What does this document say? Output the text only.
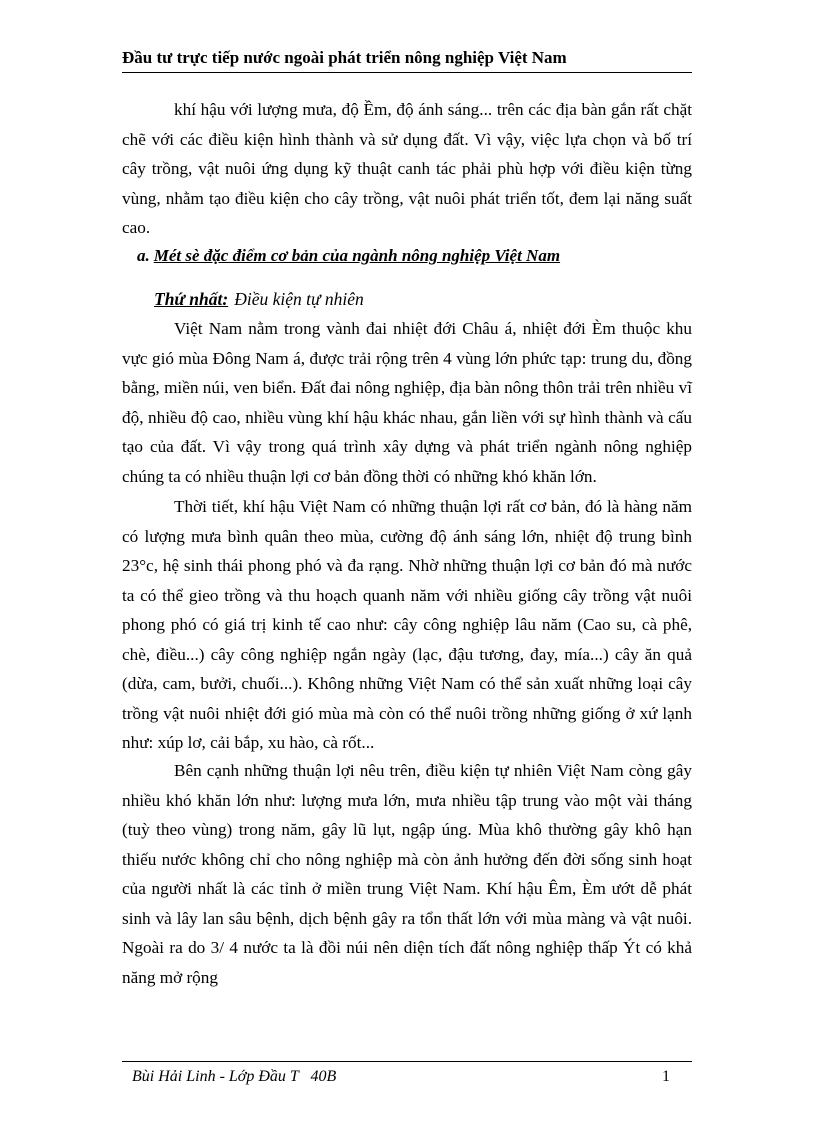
Đầu tư trực tiếp nước ngoài phát triển nông nghiệp Việt Nam

khí hậu với lượng mưa, độ Ềm, độ ánh sáng... trên các địa bàn gắn rất chặt chẽ với các điều kiện hình thành và sử dụng đất. Vì vậy, việc lựa chọn và bố trí cây trồng, vật nuôi ứng dụng kỹ thuật canh tác phải phù hợp với điều kiện từng vùng, nhằm tạo điều kiện cho cây trồng, vật nuôi phát triển tốt, đem lại năng suất cao.

a. Mét sè đặc điểm cơ bản của ngành nông nghiệp Việt Nam
Thứ nhất: Điều kiện tự nhiên

Việt Nam nằm trong vành đai nhiệt đới Châu á, nhiệt đới Èm thuộc khu vực gió mùa Đông Nam á, được trải rộng trên 4 vùng lớn phức tạp: trung du, đồng bằng, miền núi, ven biển. Đất đai nông nghiệp, địa bàn nông thôn trải trên nhiều vĩ độ, nhiều độ cao, nhiều vùng khí hậu khác nhau, gắn liền với sự hình thành và cấu tạo của đất. Vì vậy trong quá trình xây dựng và phát triển ngành nông nghiệp chúng ta có nhiều thuận lợi cơ bản đồng thời có những khó khăn lớn.

Thời tiết, khí hậu Việt Nam có những thuận lợi rất cơ bản, đó là hàng năm có lượng mưa bình quân theo mùa, cường độ ánh sáng lớn, nhiệt độ trung bình 23°c, hệ sinh thái phong phó và đa rạng. Nhờ những thuận lợi cơ bản đó mà nước ta có thể gieo trồng và thu hoạch quanh năm với nhiều giống cây trồng vật nuôi phong phó có giá trị kinh tế cao như: cây công nghiệp lâu năm (Cao su, cà phê, chè, điều...) cây công nghiệp ngắn ngày (lạc, đậu tương, đay, mía...) cây ăn quả (dừa, cam, bưởi, chuối...). Không những Việt Nam có thể sản xuất những loại cây trồng vật nuôi nhiệt đới gió mùa mà còn có thể nuôi trồng những giống ở xứ lạnh như: xúp lơ, cải bắp, xu hào, cà rốt...

Bên cạnh những thuận lợi nêu trên, điều kiện tự nhiên Việt Nam còng gây nhiều khó khăn lớn như: lượng mưa lớn, mưa nhiều tập trung vào một vài tháng (tuỳ theo vùng) trong năm, gây lũ lụt, ngập úng. Mùa khô thường gây khô hạn thiếu nước không chỉ cho nông nghiệp mà còn ảnh hưởng đến đời sống sinh hoạt của người nhất là các tỉnh ở miền trung Việt Nam. Khí hậu Êm, Èm ướt dễ phát sinh và lây lan sâu bệnh, dịch bệnh gây ra tổn thất lớn với mùa màng và vật nuôi. Ngoài ra do 3/ 4 nước ta là đồi núi nên diện tích đất nông nghiệp thấp Ýt có khả năng mở rộng

Bùi Hải Linh - Lớp Đầu T   40B	1
